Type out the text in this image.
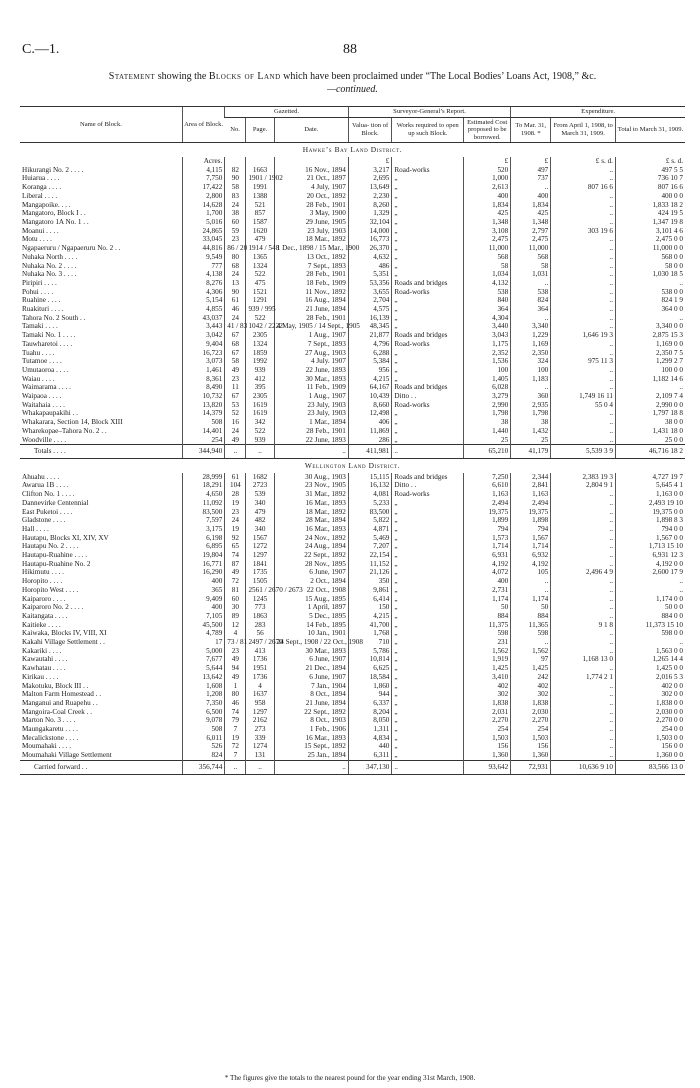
88
C.—1.
Statement showing the Blocks of Land which have been proclaimed under “The Local Bodies’ Loans Act, 1908,” &c.
—continued.
Name of Block.	Area of Block.	Gazetted.			Surveyor-General’s Report.			Expenditure.		
		No.	Page.	Date.	Valua- tion of Block.	Works required to open up such Block.	Estimated Cost proposed to be borrowed.	To Mar. 31, 1908. *	From April 1, 1908, to March 31, 1909.	Total to March 31, 1909.
Hawke’s Bay Land District.										
	Acres.				£		£	£	£ s. d.	£ s. d.
Hikurangi No. 2 . . . .	4,115	82	1663	16 Nov., 1894	3,217	Road-works	520	497	..	497 5 5
Huiarua . . . .	7,750	90	1901 / 1902	21 Oct., 1897	2,695	„	1,000	737	..	736 10 7
Koranga . . . .	17,422	58	1991	4 July, 1907	13,649	„	2,613	..	807 16 6	807 16 6
Liberal . . . .	2,800	83	1388	20 Oct., 1892	2,230	„	400	400	..	400 0 0
Mangapoike. . . .	14,628	24	521	28 Feb., 1901	8,260	„	1,834	1,834	..	1,833 18 2
Mangatoro, Block I . .	1,700	38	857	3 May, 1900	1,329	„	425	425	..	424 19 5
Mangatoro 1A No. 1 . .	5,016	60	1587	29 June, 1905	32,104	„	1,348	1,348	..	1,347 19 8
Moanui . . . .	24,865	59	1620	23 July, 1903	14,000	„	3,108	2,797	303 19 6	3,101 4 6
Motu . . . .	33,045	23	479	18 Mar., 1892	16,773	„	2,475	2,475	..	2,475 0 0
Ngapaeruru / Ngapaeruru No. 2 . .	44,816	86 / 20	1914 / 548	1 Dec., 1898 / 15 Mar., 1900	26,370	„	11,000	11,000	..	11,000 0 0
Nuhaka North . . . .	9,549	80	1365	13 Oct., 1892	4,632	„	568	568	..	568 0 0
Nuhaka No. 2 . . . .	777	68	1324	7 Sept., 1893	486	„	58	58	..	58 0 0
Nuhaka No. 3 . . . .	4,138	24	522	28 Feb., 1901	5,351	„	1,034	1,031	..	1,030 18 5
Piripiri . . . .	8,276	13	475	18 Feb., 1909	53,356	Roads and bridges	4,132	..	..	..
Pohui . . . .	4,306	90	1521	11 Nov., 1892	3,655	Road-works	538	538	..	538 0 0
Ruahine . . . .	5,154	61	1291	16 Aug., 1894	2,704	„	840	824	..	824 1 9
Ruakituri . . . .	4,855	46	939 / 995	21 June, 1894	4,575	„	364	364	..	364 0 0
Tahora No. 2 South . .	43,037	24	522	28 Feb., 1901	16,139	„	4,304	..	..	..
Tamaki . . . .	3,443	41 / 83	1042 / 2222	4 May, 1905 / 14 Sept., 1905	48,345	„	3,440	3,340	..	3,340 0 0
Tamaki No. 1 . . . .	3,042	67	2305	1 Aug., 1907	21,877	Roads and bridges	3,043	1,229	1,646 19 3	2,875 15 3
Tauwharetoi . . . .	9,404	68	1324	7 Sept., 1893	4,796	Road-works	1,175	1,169	..	1,169 0 0
Tuahu . . . .	16,723	67	1859	27 Aug., 1903	6,288	„	2,352	2,350	..	2,350 7 5
Tutamoe . . . .	3,073	58	1992	4 July. 1907	5,384	„	1,536	324	975 11 3	1,299 2 7
Umutaoroa . . . .	1,461	49	939	22 June, 1893	956	„	100	100	..	100 0 0
Waiau . . . .	8,361	23	412	30 Mar., 1893	4,215	„	1,405	1,183	..	1,182 14 6
Waimarama . . . .	8,490	11	395	11 Feb., 1909	64,167	Roads and bridges	6,028	..	..	..
Waipaoa . . . .	10,732	67	2305	1 Aug., 1907	10,439	Ditto . .	3,279	360	1,749 16 11	2,109 7 4
Waitahaia . . . .	13,820	53	1619	23 July, 1903	8,660	Road-works	2,990	2,935	55 0 4	2,990 0 0
Whakapaupakihi . .	14,379	52	1619	23 July, 1903	12,498	„	1,798	1,798	..	1,797 18 8
Whakarara, Section 14, Block XIII	508	16	342	1 Mar., 1894	406	„	38	38	..	38 0 0
Wharekopae–Tahora No. 2 . .	14,401	24	522	28 Feb., 1901	11,869	„	1,440	1,432	..	1,431 18 0
Woodville . . . .	254	49	939	22 June, 1893	286	„	25	25	..	25 0 0
Totals . . . .	344,940	..	..	..	411,981	..	65,210	41,179	5,539 3 9	46,716 18 2
Wellington Land District.										
Ahuahu . . . .	28,999	61	1682	30 Aug., 1903	15,115	Roads and bridges	7,250	2,344	2,383 19 3	4,727 19 7
Awarua 1B . . . .	18,291	104	2723	23 Nov., 1905	16,132	Ditto . .	6,610	2,841	2,804 9 1	5,645 4 1
Clifton No. 1 . . . .	4,650	28	539	31 Mar., 1892	4,081	Road-works	1,163	1,163	..	1,163 0 0
Dannevirke Centennial	11,092	19	340	16 Mar., 1893	5,233	„	2,494	2,494	..	2,493 19 10
East Puketoi . . . .	83,500	23	479	18 Mar., 1892	83,500	„	19,375	19,375	..	19,375 0 0
Gladstone . . . .	7,597	24	482	28 Mar., 1894	5,822	„	1,899	1,898	..	1,898 8 3
Hall . . . .	3,175	19	340	16 Mar., 1893	4,871	„	794	794	..	794 0 0
Hautapu, Blocks XI, XIV, XV	6,198	92	1567	24 Nov., 1892	5,469	„	1,573	1,567	..	1,567 0 0
Hautapu No. 2 . . . .	6,895	65	1272	24 Aug., 1894	7,207	„	1,714	1,714	..	1,713 15 10
Hautapu-Ruahine . . . .	19,804	74	1297	22 Sept., 1892	22,154	„	6,931	6,932	..	6,931 12 3
Hautapu-Ruahine No. 2	16,771	87	1841	28 Nov., 1895	11,152	„	4,192	4,192	..	4,192 0 0
Hikimutu . . . .	16,290	49	1735	6 June, 1907	21,126	„	4,072	105	2,496 4 9	2,600 17 9
Horopito . . . .	400	72	1505	2 Oct., 1894	350	„	400	..	..	..
Horopito West . . . .	365	81	2561 / 2670 / 2673	22 Oct., 1908	9,861	„	2,731	..	..	..
Kaiparoro . . . .	9,409	60	1245	15 Aug., 1895	6,414	„	1,174	1,174	..	1,174 0 0
Kaiparoro No. 2 . . . .	400	30	773	1 April, 1897	150	„	50	50	..	50 0 0
Kaitangata . . . .	7,105	89	1863	5 Dec., 1895	4,215	„	884	884	..	884 0 0
Kaitieke . . . .	45,500	12	283	14 Feb., 1895	41,700	„	11,375	11,365	9 1 8	11,373 15 10
Kaiwaka, Blocks IV, VIII, XI	4,789	4	56	10 Jan., 1901	1,768	„	598	598	..	598 0 0
Kakahi Village Settlement . .	17	73 / 81	2497 / 2670	24 Sept., 1908 / 22 Oct., 1908	710	„	231	..	..	..
Kakariki . . . .	5,000	23	413	30 Mar., 1893	5,786	„	1,562	1,562	..	1,563 0 0
Kawautahi . . . .	7,677	49	1736	6 June, 1907	10,814	„	1,919	97	1,168 13 0	1,265 14 4
Kawhatau . . . .	5,644	94	1951	21 Dec., 1894	6,625	„	1,425	1,425	..	1,425 0 0
Kirikau . . . .	13,642	49	1736	6 June, 1907	18,584	„	3,410	242	1,774 2 1	2,016 5 3
Makotuku, Block III . .	1,608	1	4	7 Jan., 1904	1,860	„	402	402	..	402 0 0
Malton Farm Homestead . .	1,208	80	1637	8 Oct., 1894	944	„	302	302	..	302 0 0
Manganui and Ruapehu . .	7,350	46	958	21 June, 1894	6,337	„	1,838	1,838	..	1,838 0 0
Mangoira-Coal Creek . .	6,500	74	1297	22 Sept., 1892	8,204	„	2,031	2,030	..	2,030 0 0
Marton No. 3 . . . .	9,078	79	2162	8 Oct., 1903	8,050	„	2,270	2,270	..	2,270 0 0
Maungakaretu . . . .	508	7	273	1 Feb., 1906	1,311	„	254	254	..	254 0 0
Mecalickstone . . . .	6,011	19	339	16 Mar., 1893	4,834	„	1,503	1,503	..	1,503 0 0
Moumahaki . . . .	526	72	1274	15 Sept., 1892	440	„	156	156	..	156 0 0
Moumahaki Village Settlement	824	7	131	25 Jan., 1894	6,311	„	1,360	1,360	..	1,360 0 0
Carried forward . .	356,744	..	..	..	347,130	..	93,642	72,931	10,636 9 10	83,566 13 0
* The figures give the totals to the nearest pound for the year ending 31st March, 1908.
